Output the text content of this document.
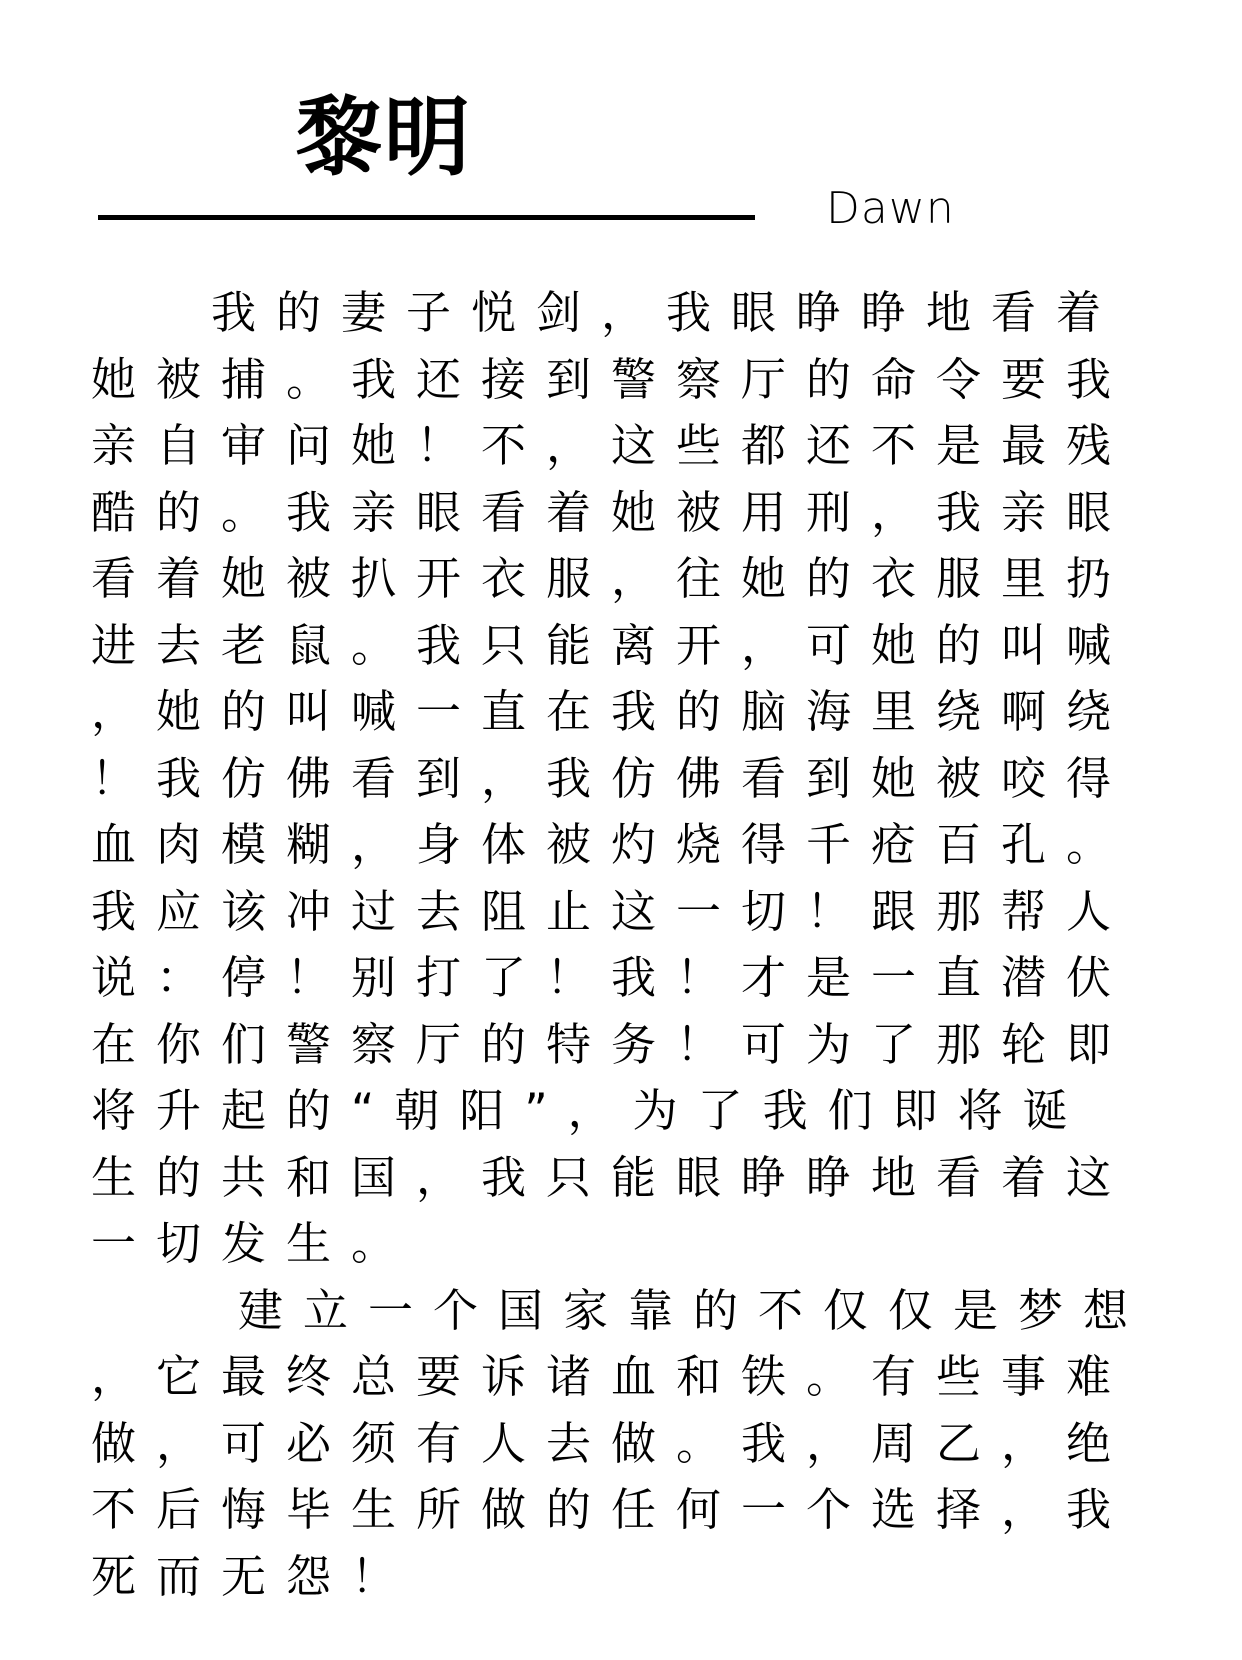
黎明
Dawn
我的妻子悦剑，我眼睁睁地看着
她被捕。我还接到警察厅的命令要我
亲自审问她！不，这些都还不是最残
酷的。我亲眼看着她被用刑，我亲眼
看着她被扒开衣服，往她的衣服里扔
进去老鼠。我只能离开，可她的叫喊
，她的叫喊一直在我的脑海里绕啊绕
！我仿佛看到，我仿佛看到她被咬得
血肉模糊，身体被灼烧得千疮百孔。
我应该冲过去阻止这一切！跟那帮人
说：停！别打了！我！才是一直潜伏
在你们警察厅的特务！可为了那轮即
将升起的“朝阳”，为了我们即将诞
生的共和国，我只能眼睁睁地看着这
一切发生。
建立一个国家靠的不仅仅是梦想
，它最终总要诉诸血和铁。有些事难
做，可必须有人去做。我，周乙，绝
不后悔毕生所做的任何一个选择，我
死而无怨！
